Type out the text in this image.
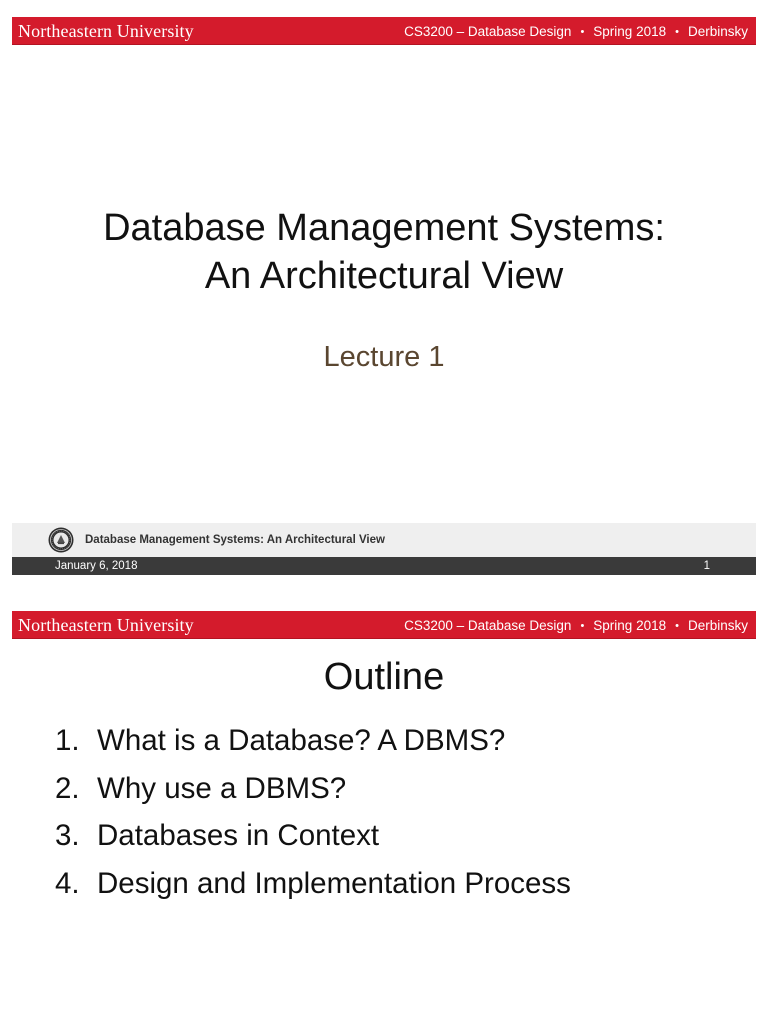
Northeastern University	CS3200 – Database Design • Spring 2018 • Derbinsky
Database Management Systems:
An Architectural View
Lecture 1
Database Management Systems: An Architectural View
January 6, 2018	1
Northeastern University	CS3200 – Database Design • Spring 2018 • Derbinsky
Outline
1. What is a Database? A DBMS?
2. Why use a DBMS?
3. Databases in Context
4. Design and Implementation Process
